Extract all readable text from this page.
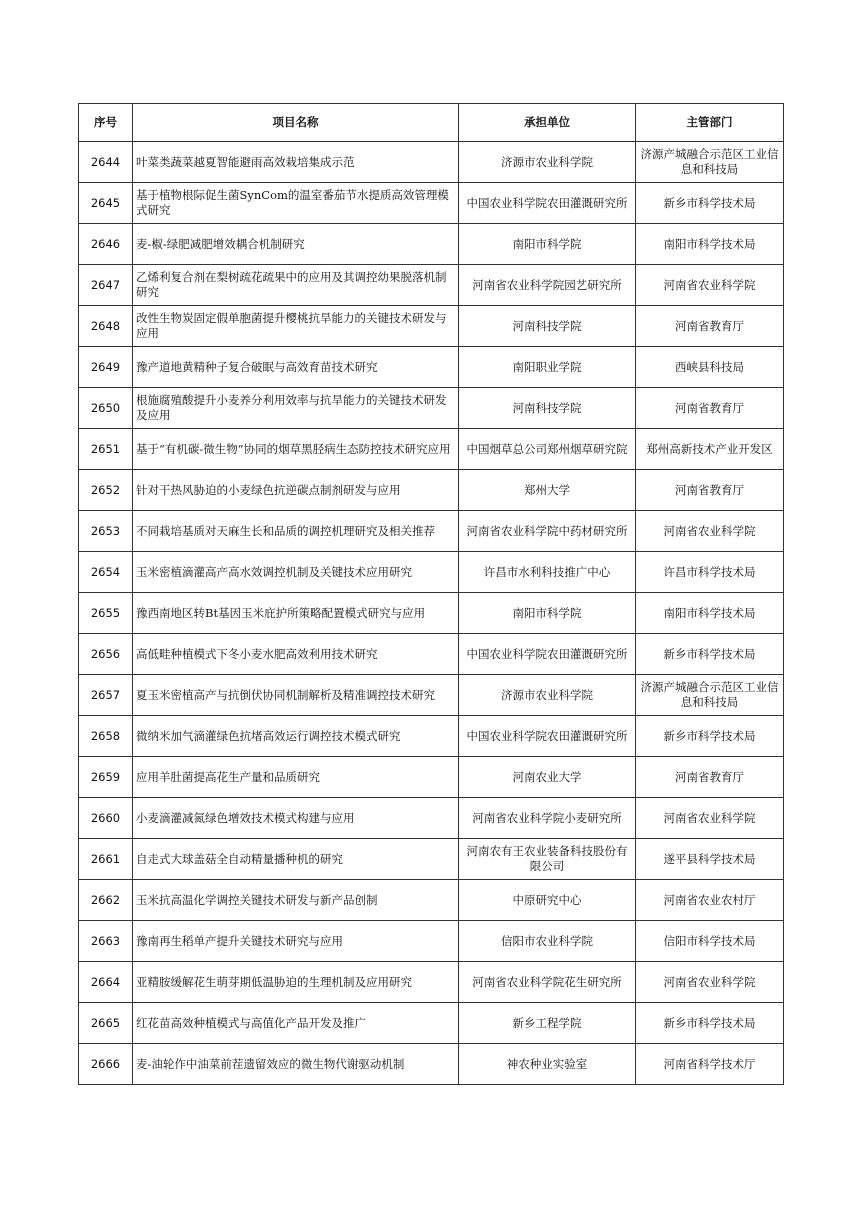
序号	项目名称	承担单位	主管部门
2644	叶菜类蔬菜越夏智能避雨高效栽培集成示范	济源市农业科学院	济源产城融合示范区工业信息和科技局
2645	基于植物根际促生菌SynCom的温室番茄节水提质高效管理模式研究	中国农业科学院农田灌溉研究所	新乡市科学技术局
2646	麦-椒-绿肥减肥增效耦合机制研究	南阳市科学院	南阳市科学技术局
2647	乙烯利复合剂在梨树疏花疏果中的应用及其调控幼果脱落机制研究	河南省农业科学院园艺研究所	河南省农业科学院
2648	改性生物炭固定假单胞菌提升樱桃抗旱能力的关键技术研发与应用	河南科技学院	河南省教育厅
2649	豫产道地黄精种子复合破眠与高效育苗技术研究	南阳职业学院	西峡县科技局
2650	根施腐殖酸提升小麦养分利用效率与抗旱能力的关键技术研发及应用	河南科技学院	河南省教育厅
2651	基于“有机碳-微生物”协同的烟草黑胫病生态防控技术研究应用	中国烟草总公司郑州烟草研究院	郑州高新技术产业开发区
2652	针对干热风胁迫的小麦绿色抗逆碳点制剂研发与应用	郑州大学	河南省教育厅
2653	不同栽培基质对天麻生长和品质的调控机理研究及相关推荐	河南省农业科学院中药材研究所	河南省农业科学院
2654	玉米密植滴灌高产高水效调控机制及关键技术应用研究	许昌市水利科技推广中心	许昌市科学技术局
2655	豫西南地区转Bt基因玉米庇护所策略配置模式研究与应用	南阳市科学院	南阳市科学技术局
2656	高低畦种植模式下冬小麦水肥高效利用技术研究	中国农业科学院农田灌溉研究所	新乡市科学技术局
2657	夏玉米密植高产与抗倒伏协同机制解析及精准调控技术研究	济源市农业科学院	济源产城融合示范区工业信息和科技局
2658	微纳米加气滴灌绿色抗堵高效运行调控技术模式研究	中国农业科学院农田灌溉研究所	新乡市科学技术局
2659	应用羊肚菌提高花生产量和品质研究	河南农业大学	河南省教育厅
2660	小麦滴灌减氮绿色增效技术模式构建与应用	河南省农业科学院小麦研究所	河南省农业科学院
2661	自走式大球盖菇全自动精量播种机的研究	河南农有王农业装备科技股份有限公司	遂平县科学技术局
2662	玉米抗高温化学调控关键技术研发与新产品创制	中原研究中心	河南省农业农村厅
2663	豫南再生稻单产提升关键技术研究与应用	信阳市农业科学院	信阳市科学技术局
2664	亚精胺缓解花生萌芽期低温胁迫的生理机制及应用研究	河南省农业科学院花生研究所	河南省农业科学院
2665	红花苗高效种植模式与高值化产品开发及推广	新乡工程学院	新乡市科学技术局
2666	麦-油轮作中油菜前茬遗留效应的微生物代谢驱动机制	神农种业实验室	河南省科学技术厅
